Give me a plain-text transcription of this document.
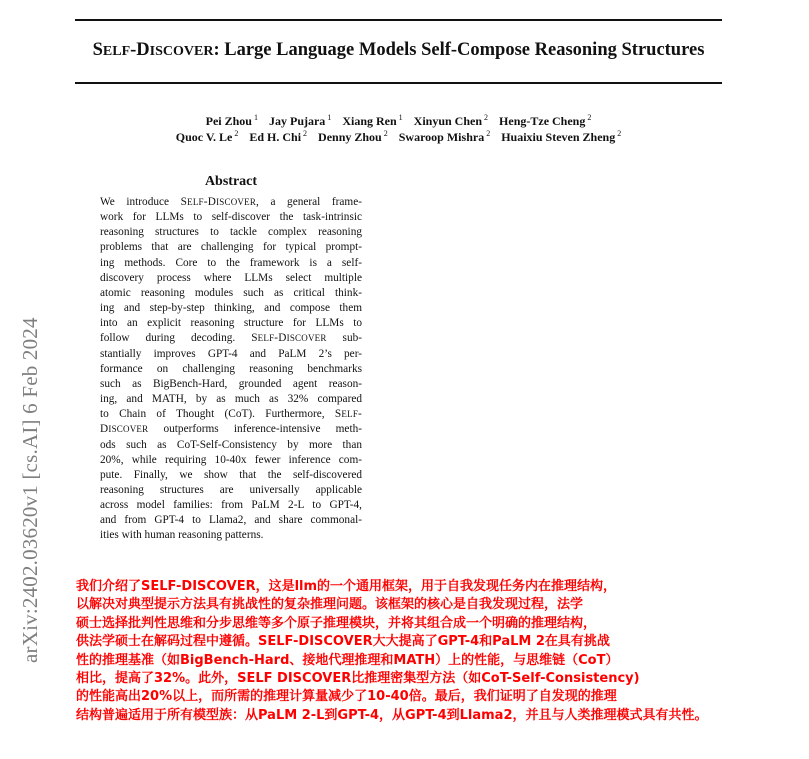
SELF-DISCOVER: Large Language Models Self-Compose Reasoning Structures
Pei Zhou $^1$ Jay Pujara $^1$ Xiang Ren $^1$ Xinyun Chen $^2$ Heng-Tze Cheng $^2$
Quoc V. Le $^2$ Ed H. Chi $^2$ Denny Zhou $^2$ Swaroop Mishra $^2$ Huaixiu Steven Zheng $^2$
arXiv:2402.03620v1 [cs.AI] 6 Feb 2024
Abstract
We introduce SELF-DISCOVER, a general frame-
work for LLMs to self-discover the task-intrinsic
reasoning structures to tackle complex reasoning
problems that are challenging for typical prompt-
ing methods. Core to the framework is a self-
discovery process where LLMs select multiple
atomic reasoning modules such as critical think-
ing and step-by-step thinking, and compose them
into an explicit reasoning structure for LLMs to
follow during decoding. SELF-DISCOVER sub-
stantially improves GPT-4 and PaLM 2’s per-
formance on challenging reasoning benchmarks
such as BigBench-Hard, grounded agent reason-
ing, and MATH, by as much as 32% compared
to Chain of Thought (CoT). Furthermore, SELF-
DISCOVER outperforms inference-intensive meth-
ods such as CoT-Self-Consistency by more than
20%, while requiring 10-40x fewer inference com-
pute. Finally, we show that the self-discovered
reasoning structures are universally applicable
across model families: from PaLM 2-L to GPT-4,
and from GPT-4 to Llama2, and share commonal-
ities with human reasoning patterns.
我们介绍了SELF-DISCOVER，这是llm的一个通用框架，用于自我发现任务内在推理结构，
以解决对典型提示方法具有挑战性的复杂推理问题。该框架的核心是自我发现过程，法学
硕士选择批判性思维和分步思维等多个原子推理模块，并将其组合成一个明确的推理结构，
供法学硕士在解码过程中遵循。SELF-DISCOVER大大提高了GPT-4和PaLM 2在具有挑战
性的推理基准（如BigBench-Hard、接地代理推理和MATH）上的性能，与思维链（CoT）
相比，提高了32%。此外，SELF DISCOVER比推理密集型方法（如CoT-Self-Consistency)
的性能高出20%以上，而所需的推理计算量减少了10-40倍。最后，我们证明了自发现的推理
结构普遍适用于所有模型族：从PaLM 2-L到GPT-4，从GPT-4到Llama2，并且与人类推理模式具有共性。
